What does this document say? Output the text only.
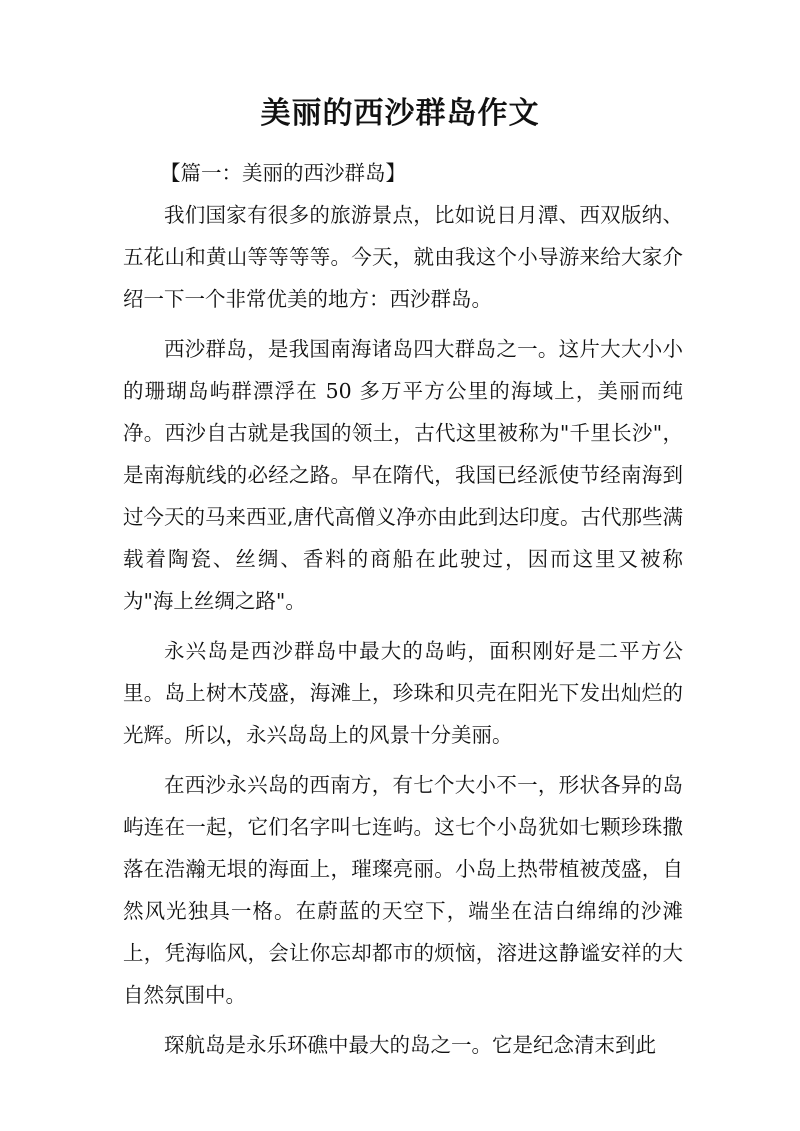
美丽的西沙群岛作文

【篇一：美丽的西沙群岛】

我们国家有很多的旅游景点，比如说日月潭、西双版纳、五花山和黄山等等等等。今天，就由我这个小导游来给大家介绍一下一个非常优美的地方：西沙群岛。

西沙群岛，是我国南海诸岛四大群岛之一。这片大大小小的珊瑚岛屿群漂浮在 50 多万平方公里的海域上，美丽而纯净。西沙自古就是我国的领土，古代这里被称为"千里长沙"，是南海航线的必经之路。早在隋代，我国已经派使节经南海到过今天的马来西亚,唐代高僧义净亦由此到达印度。古代那些满载着陶瓷、丝绸、香料的商船在此驶过，因而这里又被称为"海上丝绸之路"。

永兴岛是西沙群岛中最大的岛屿，面积刚好是二平方公里。岛上树木茂盛，海滩上，珍珠和贝壳在阳光下发出灿烂的光辉。所以，永兴岛岛上的风景十分美丽。

在西沙永兴岛的西南方，有七个大小不一，形状各异的岛屿连在一起，它们名字叫七连屿。这七个小岛犹如七颗珍珠撒落在浩瀚无垠的海面上，璀璨亮丽。小岛上热带植被茂盛，自然风光独具一格。在蔚蓝的天空下，端坐在洁白绵绵的沙滩上，凭海临风，会让你忘却都市的烦恼，溶进这静谧安祥的大自然氛围中。

琛航岛是永乐环礁中最大的岛之一。它是纪念清末到此
